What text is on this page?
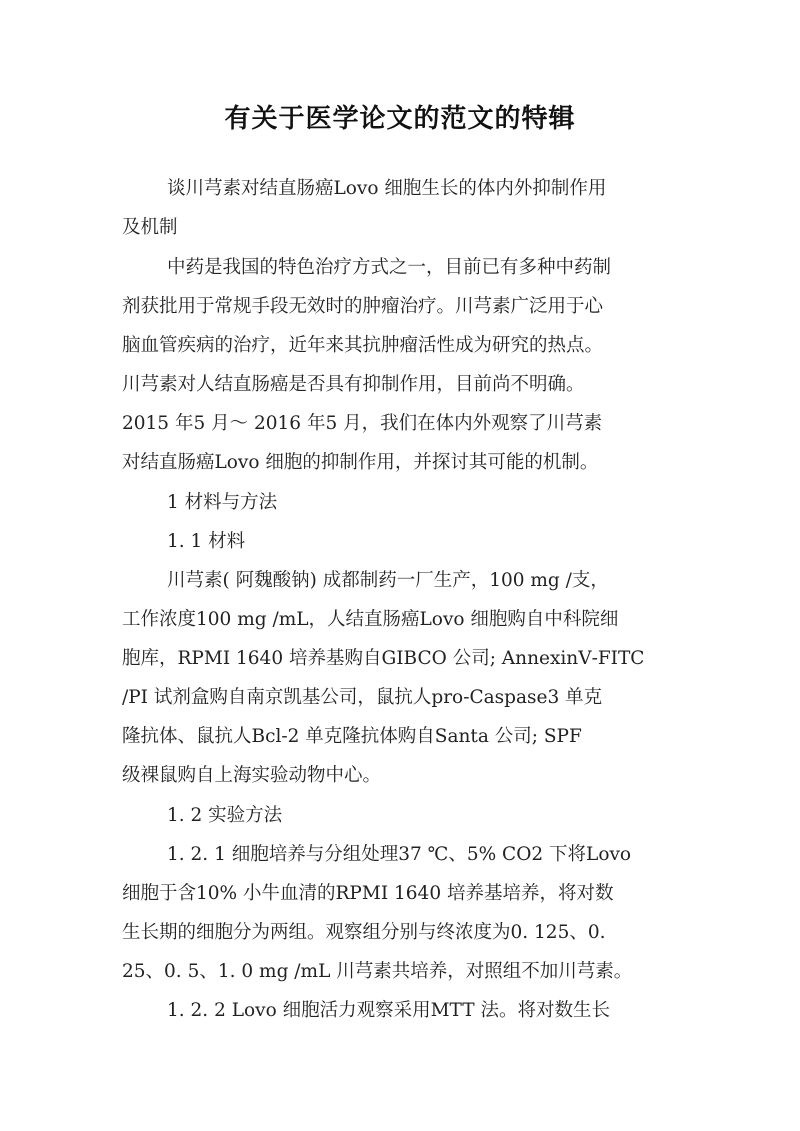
有关于医学论文的范文的特辑
谈川芎素对结直肠癌Lovo 细胞生长的体内外抑制作用
及机制
中药是我国的特色治疗方式之一，目前已有多种中药制
剂获批用于常规手段无效时的肿瘤治疗。川芎素广泛用于心
脑血管疾病的治疗，近年来其抗肿瘤活性成为研究的热点。
川芎素对人结直肠癌是否具有抑制作用，目前尚不明确。
2015 年5 月～ 2016 年5 月，我们在体内外观察了川芎素
对结直肠癌Lovo 细胞的抑制作用，并探讨其可能的机制。
1 材料与方法
1. 1 材料
川芎素( 阿魏酸钠) 成都制药一厂生产，100 mg /支，
工作浓度100 mg /mL，人结直肠癌Lovo 细胞购自中科院细
胞库，RPMI 1640 培养基购自GIBCO 公司; AnnexinⅤ-FITC
/PI 试剂盒购自南京凯基公司，鼠抗人pro-Caspase3 单克
隆抗体、鼠抗人Bcl-2 单克隆抗体购自Santa 公司; SPF
级裸鼠购自上海实验动物中心。
1. 2 实验方法
1. 2. 1 细胞培养与分组处理37 ℃、5% CO2 下将Lovo
细胞于含10% 小牛血清的RPMI 1640 培养基培养，将对数
生长期的细胞分为两组。观察组分别与终浓度为0. 125、0.
25、0. 5、1. 0 mg /mL 川芎素共培养，对照组不加川芎素。
1. 2. 2 Lovo 细胞活力观察采用MTT 法。将对数生长
